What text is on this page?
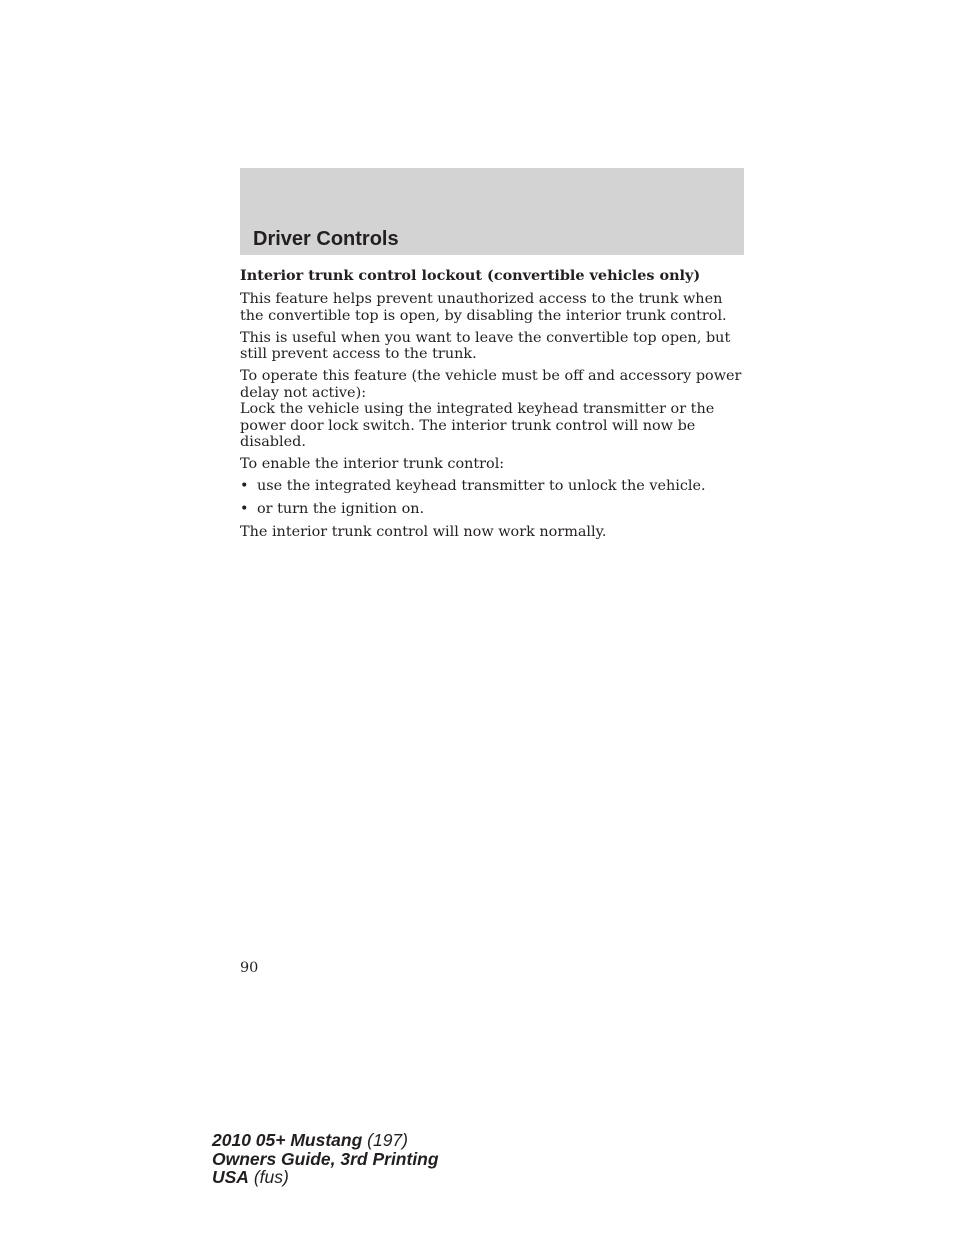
Driver Controls
Interior trunk control lockout (convertible vehicles only)

This feature helps prevent unauthorized access to the trunk when the convertible top is open, by disabling the interior trunk control.

This is useful when you want to leave the convertible top open, but still prevent access to the trunk.

To operate this feature (the vehicle must be off and accessory power delay not active):
Lock the vehicle using the integrated keyhead transmitter or the power door lock switch. The interior trunk control will now be disabled.

To enable the interior trunk control:

• use the integrated keyhead transmitter to unlock the vehicle.
• or turn the ignition on.

The interior trunk control will now work normally.

90
2010 05+ Mustang (197)
Owners Guide, 3rd Printing
USA (fus)
